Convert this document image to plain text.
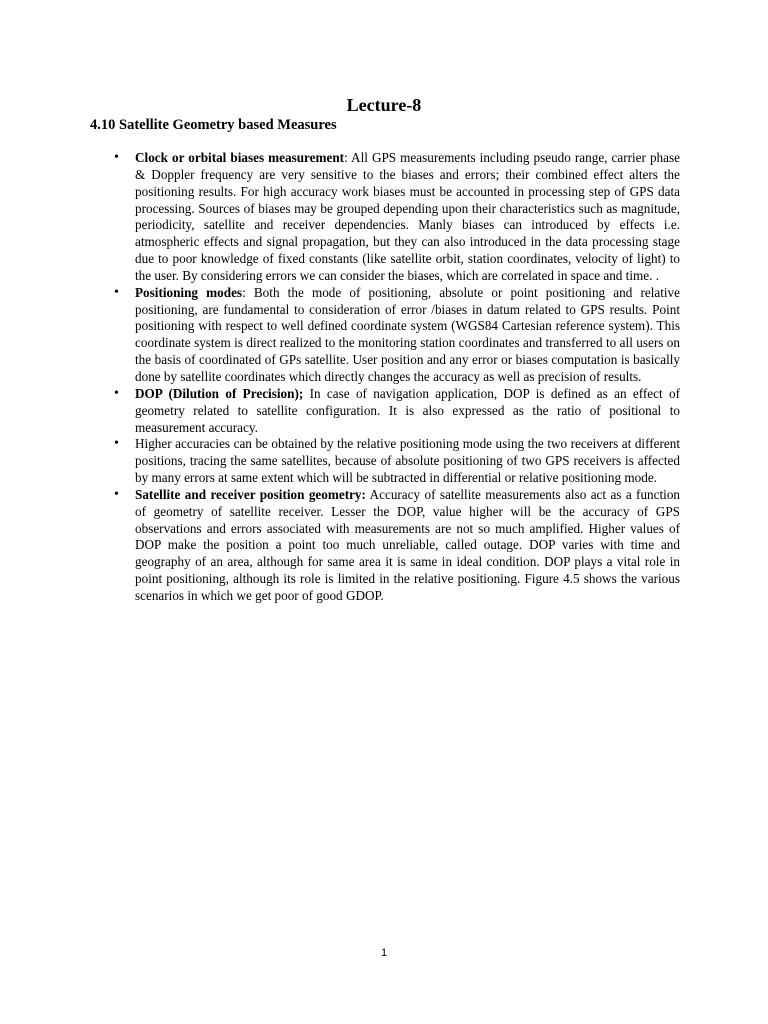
Lecture-8
4.10 Satellite Geometry based Measures
•	Clock or orbital biases measurement: All GPS measurements including pseudo range, carrier phase & Doppler frequency are very sensitive to the biases and errors; their combined effect alters the positioning results. For high accuracy work biases must be accounted in processing step of GPS data processing. Sources of biases may be grouped depending upon their characteristics such as magnitude, periodicity, satellite and receiver dependencies. Manly biases can introduced by effects i.e. atmospheric effects and signal propagation, but they can also introduced in the data processing stage due to poor knowledge of fixed constants (like satellite orbit, station coordinates, velocity of light) to the user. By considering errors we can consider the biases, which are correlated in space and time. .
•	Positioning modes: Both the mode of positioning, absolute or point positioning and relative positioning, are fundamental to consideration of error /biases in datum related to GPS results. Point positioning with respect to well defined coordinate system (WGS84 Cartesian reference system). This coordinate system is direct realized to the monitoring station coordinates and transferred to all users on the basis of coordinated of GPs satellite. User position and any error or biases computation is basically done by satellite coordinates which directly changes the accuracy as well as precision of results.
•	DOP (Dilution of Precision); In case of navigation application, DOP is defined as an effect of geometry related to satellite configuration. It is also expressed as the ratio of positional to measurement accuracy.
•	Higher accuracies can be obtained by the relative positioning mode using the two receivers at different positions, tracing the same satellites, because of absolute positioning of two GPS receivers is affected by many errors at same extent which will be subtracted in differential or relative positioning mode.
•	Satellite and receiver position geometry: Accuracy of satellite measurements also act as a function of geometry of satellite receiver. Lesser the DOP, value higher will be the accuracy of GPS observations and errors associated with measurements are not so much amplified. Higher values of DOP make the position a point too much unreliable, called outage. DOP varies with time and geography of an area, although for same area it is same in ideal condition. DOP plays a vital role in point positioning, although its role is limited in the relative positioning. Figure 4.5 shows the various scenarios in which we get poor of good GDOP.
1
